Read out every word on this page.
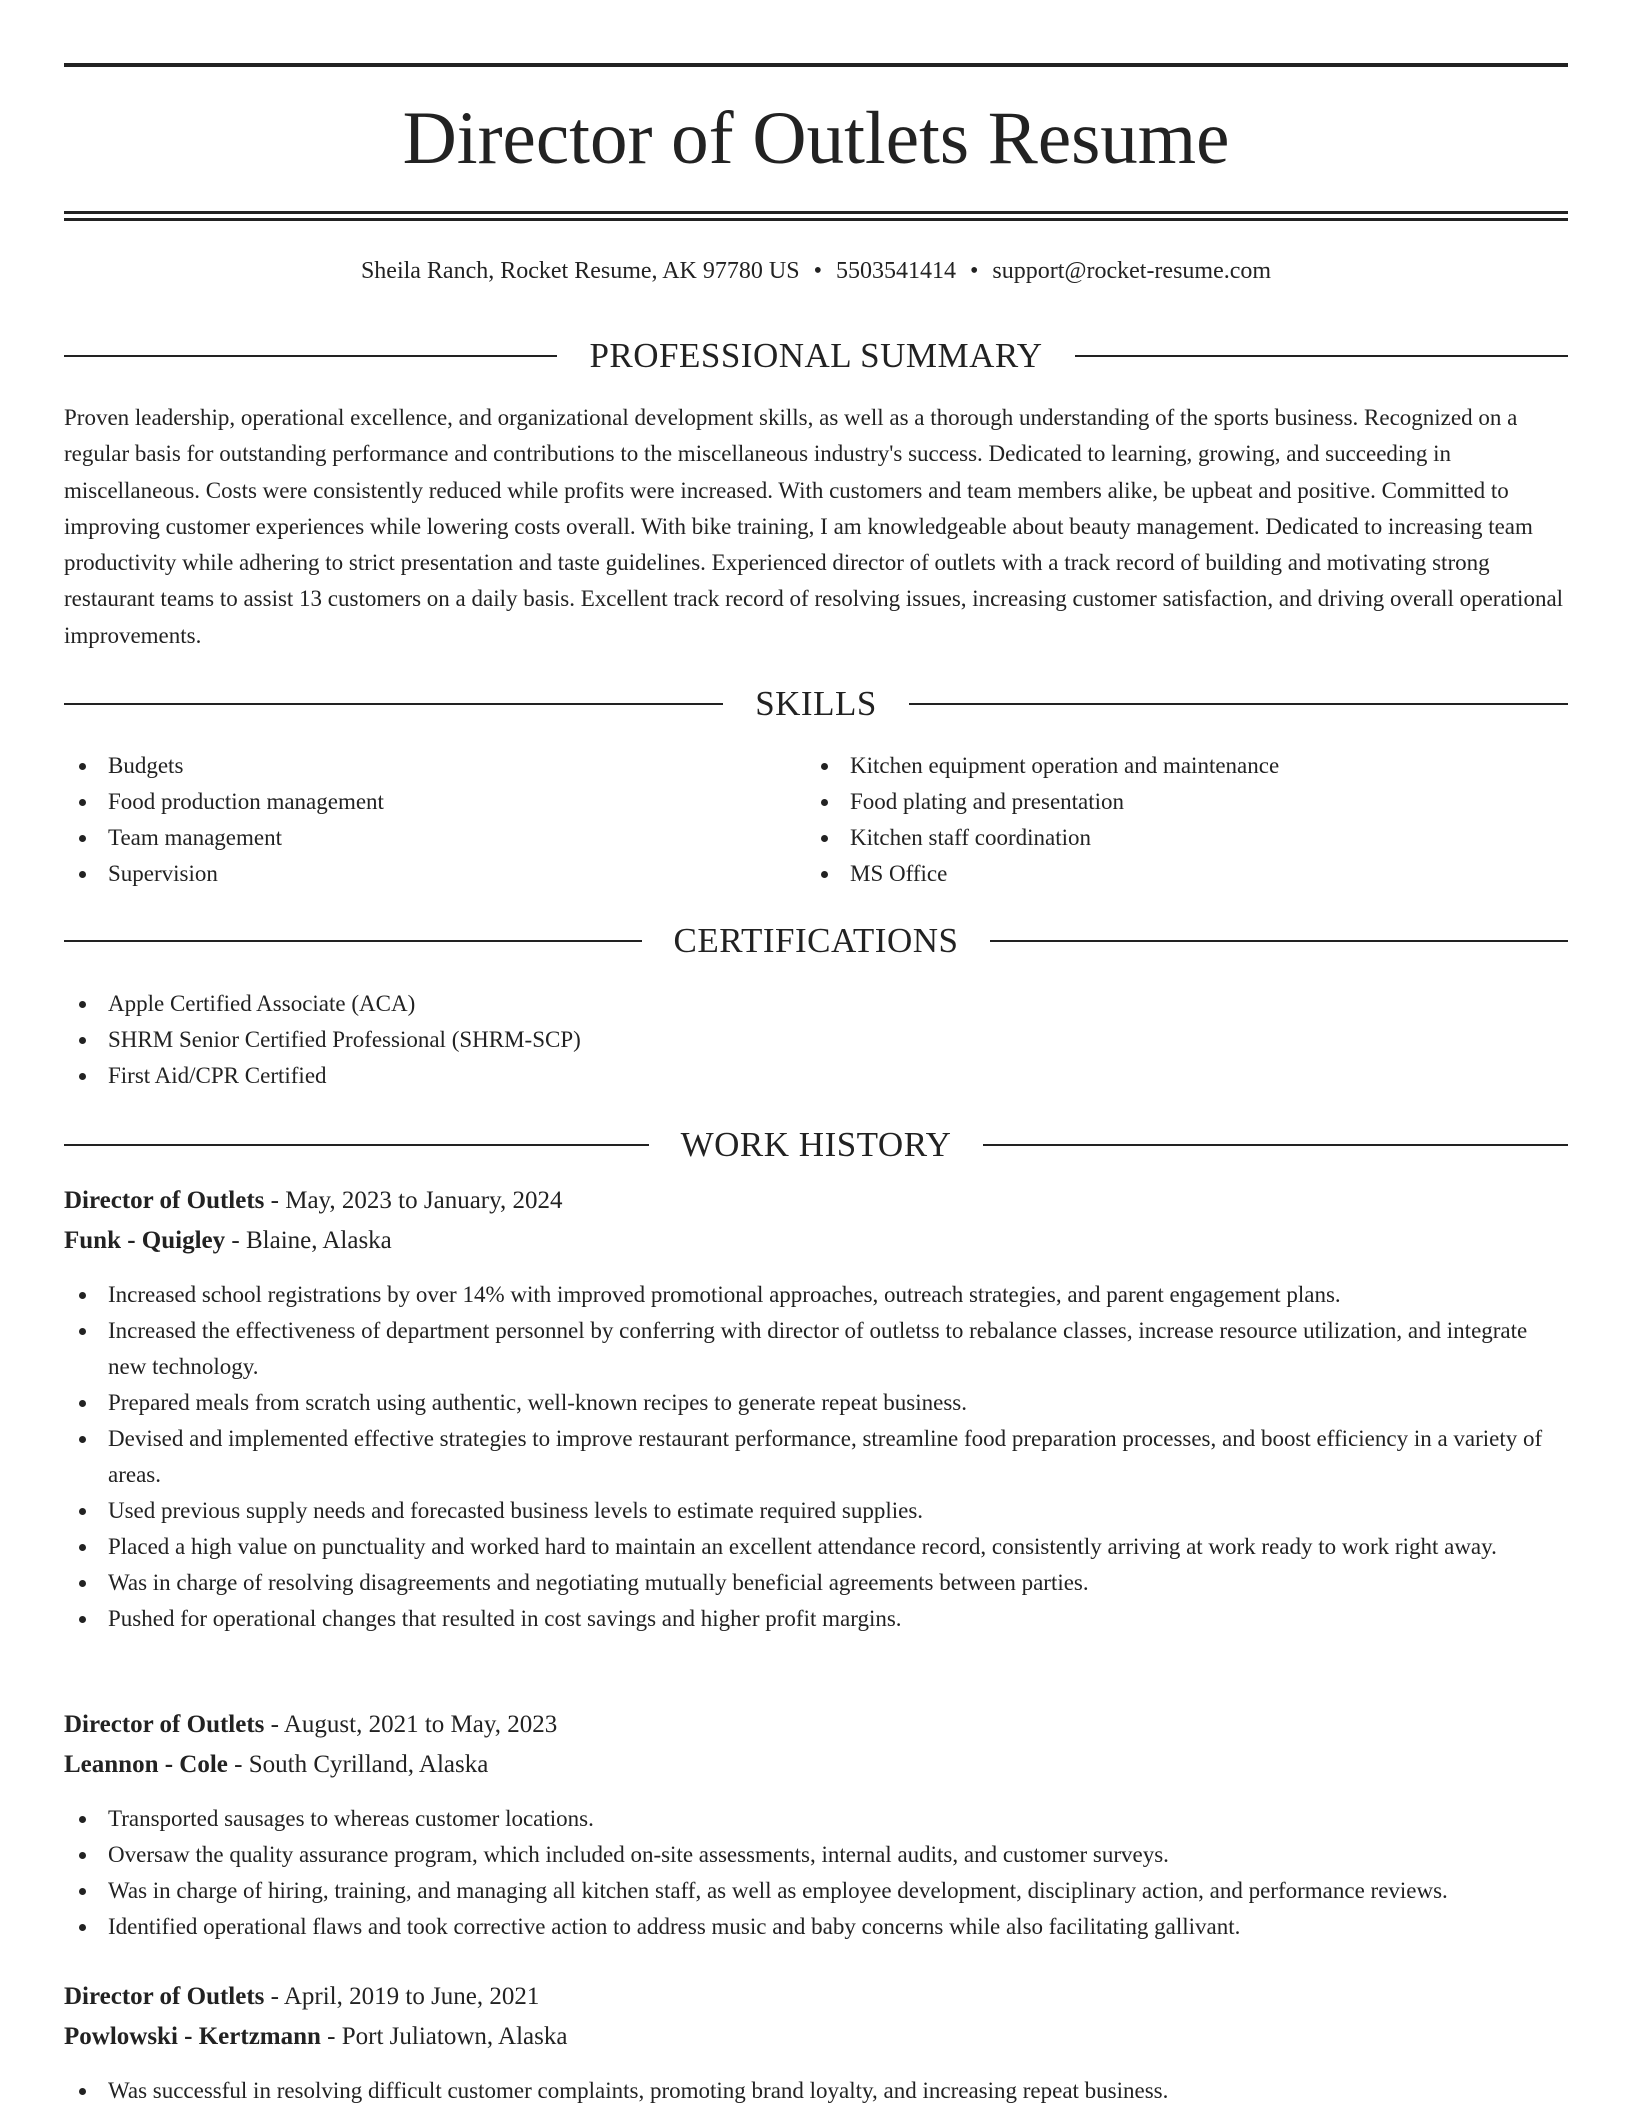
Director of Outlets Resume
Sheila Ranch, Rocket Resume, AK 97780 US • 5503541414 • support@rocket-resume.com
PROFESSIONAL SUMMARY

Proven leadership, operational excellence, and organizational development skills, as well as a thorough understanding of the sports business. Recognized on a regular basis for outstanding performance and contributions to the miscellaneous industry's success. Dedicated to learning, growing, and succeeding in miscellaneous. Costs were consistently reduced while profits were increased. With customers and team members alike, be upbeat and positive. Committed to improving customer experiences while lowering costs overall. With bike training, I am knowledgeable about beauty management. Dedicated to increasing team productivity while adhering to strict presentation and taste guidelines. Experienced director of outlets with a track record of building and motivating strong restaurant teams to assist 13 customers on a daily basis. Excellent track record of resolving issues, increasing customer satisfaction, and driving overall operational improvements.

SKILLS
Budgets
Food production management
Team management
Supervision
Kitchen equipment operation and maintenance
Food plating and presentation
Kitchen staff coordination
MS Office
CERTIFICATIONS
Apple Certified Associate (ACA)
SHRM Senior Certified Professional (SHRM-SCP)
First Aid/CPR Certified
WORK HISTORY
Director of Outlets - May, 2023 to January, 2024
Funk - Quigley - Blaine, Alaska
Increased school registrations by over 14% with improved promotional approaches, outreach strategies, and parent engagement plans.
Increased the effectiveness of department personnel by conferring with director of outletss to rebalance classes, increase resource utilization, and integrate new technology.
Prepared meals from scratch using authentic, well-known recipes to generate repeat business.
Devised and implemented effective strategies to improve restaurant performance, streamline food preparation processes, and boost efficiency in a variety of areas.
Used previous supply needs and forecasted business levels to estimate required supplies.
Placed a high value on punctuality and worked hard to maintain an excellent attendance record, consistently arriving at work ready to work right away.
Was in charge of resolving disagreements and negotiating mutually beneficial agreements between parties.
Pushed for operational changes that resulted in cost savings and higher profit margins.
Director of Outlets - August, 2021 to May, 2023
Leannon - Cole - South Cyrilland, Alaska
Transported sausages to whereas customer locations.
Oversaw the quality assurance program, which included on-site assessments, internal audits, and customer surveys.
Was in charge of hiring, training, and managing all kitchen staff, as well as employee development, disciplinary action, and performance reviews.
Identified operational flaws and took corrective action to address music and baby concerns while also facilitating gallivant.
Director of Outlets - April, 2019 to June, 2021
Powlowski - Kertzmann - Port Juliatown, Alaska
Was successful in resolving difficult customer complaints, promoting brand loyalty, and increasing repeat business.
